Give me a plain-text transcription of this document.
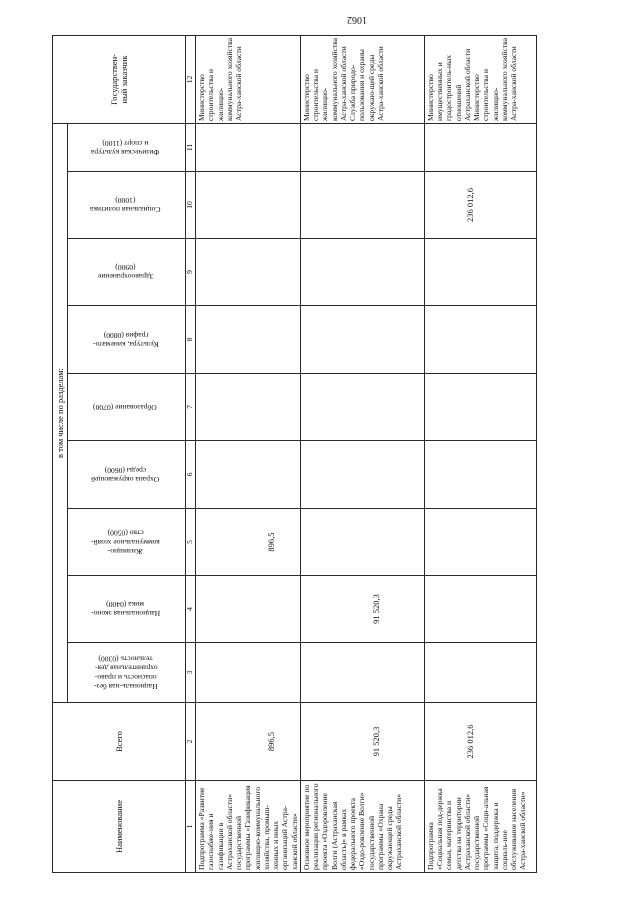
Наименование	Всего	в том числе по разделам:									Государствен-
ный заказчик
		Националь-ная без-
опасность и право-
охранительная дея-
тельность (0300)	Национальная эконо-
мика (0400)	Жилищно-
коммунальное хозяй-
ство (0500)	Охрана окружающей
среды (0600)	Образование (0700)	Культура, кинемато-
графия (0800)	Здравоохранение
(0900)	Социальная политика
(1000)	Физическая культура
и спорт (1100)	
1	2	3	4	5	6	7	8	9	10	11	12
Подпрограмма «Развитие газоснабже-ния и газификации в Астраханской области» государственной программы «Газификация жилищно-коммунального хозяйства, промыш-ленных и иных организаций Астра-ханской области»	896,5			896,5							Министерство строительства и жилищно-коммунального хозяйства Астра-ханской области
Основное мероприятие по реализации регионального проекта «Оздоровление Волги (Астраханская область)» в рамках федерального проекта «Оздо-ровление Волги» государственной программы «Охрана окружающей среды Астраханской области»	91 520,3		91 520,3								Министерство строительства и жилищно-коммунального хозяйства Астра-ханской области Служба природо-пользования и охраны окружаю-щей среды Астра-ханской области
Подпрограмма «Социальная под-держка семьи, материнства и детства на территории Астраханской области» государственной программы «Соци-альная защита, поддержка и социаль-ное обслуживание населения Астра-ханской области»	236 012,6								236 012,6		Министерство имущественных и градостроитель-ных отношений Астраханской области Министерство строительства и жилищно-коммунального хозяйства Астра-ханской области
1062
